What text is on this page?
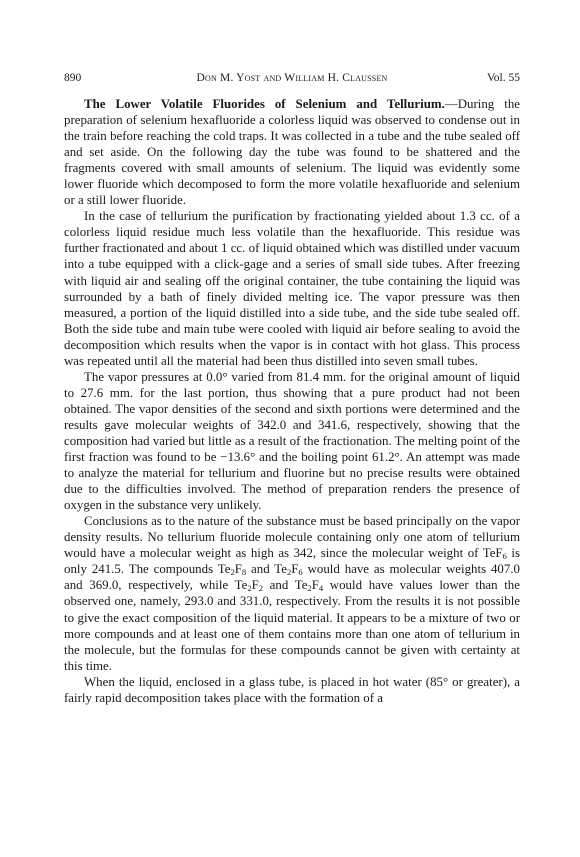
890	Don M. Yost and William H. Claussen	Vol. 55

The Lower Volatile Fluorides of Selenium and Tellurium.—During the preparation of selenium hexafluoride a colorless liquid was observed to condense out in the train before reaching the cold traps. It was collected in a tube and the tube sealed off and set aside. On the following day the tube was found to be shattered and the fragments covered with small amounts of selenium. The liquid was evidently some lower fluoride which decomposed to form the more volatile hexafluoride and selenium or a still lower fluoride.

In the case of tellurium the purification by fractionating yielded about 1.3 cc. of a colorless liquid residue much less volatile than the hexafluoride. This residue was further fractionated and about 1 cc. of liquid obtained which was distilled under vacuum into a tube equipped with a click-gage and a series of small side tubes. After freezing with liquid air and sealing off the original container, the tube containing the liquid was surrounded by a bath of finely divided melting ice. The vapor pressure was then measured, a portion of the liquid distilled into a side tube, and the side tube sealed off. Both the side tube and main tube were cooled with liquid air before sealing to avoid the decomposition which results when the vapor is in contact with hot glass. This process was repeated until all the material had been thus distilled into seven small tubes.

The vapor pressures at 0.0° varied from 81.4 mm. for the original amount of liquid to 27.6 mm. for the last portion, thus showing that a pure product had not been obtained. The vapor densities of the second and sixth portions were determined and the results gave molecular weights of 342.0 and 341.6, respectively, showing that the composition had varied but little as a result of the fractionation. The melting point of the first fraction was found to be −13.6° and the boiling point 61.2°. An attempt was made to analyze the material for tellurium and fluorine but no precise results were obtained due to the difficulties involved. The method of preparation renders the presence of oxygen in the substance very unlikely.

Conclusions as to the nature of the substance must be based principally on the vapor density results. No tellurium fluoride molecule containing only one atom of tellurium would have a molecular weight as high as 342, since the molecular weight of TeF$_6$ is only 241.5. The compounds $Te_2F_8$ and $Te_2F_6$ would have as molecular weights 407.0 and 369.0, respectively, while $Te_2F_2$ and $Te_2F_4$ would have values lower than the observed one, namely, 293.0 and 331.0, respectively. From the results it is not possible to give the exact composition of the liquid material. It appears to be a mixture of two or more compounds and at least one of them contains more than one atom of tellurium in the molecule, but the formulas for these compounds cannot be given with certainty at this time.

When the liquid, enclosed in a glass tube, is placed in hot water (85° or greater), a fairly rapid decomposition takes place with the formation of a
